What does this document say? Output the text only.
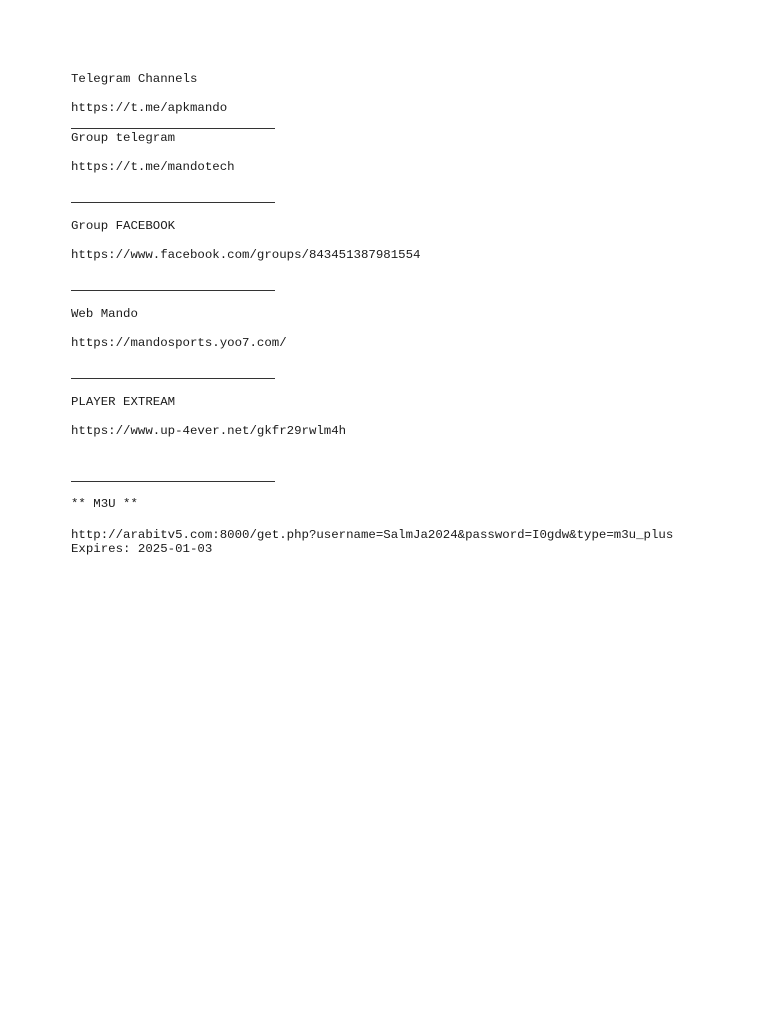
Telegram Channels
https://t.me/apkmando
Group telegram
https://t.me/mandotech
Group FACEBOOK
https://www.facebook.com/groups/843451387981554
Web Mando
https://mandosports.yoo7.com/
PLAYER EXTREAM
https://www.up-4ever.net/gkfr29rwlm4h
** M3U **
http://arabitv5.com:8000/get.php?username=SalmJa2024&password=I0gdw&type=m3u_plus
Expires: 2025-01-03
